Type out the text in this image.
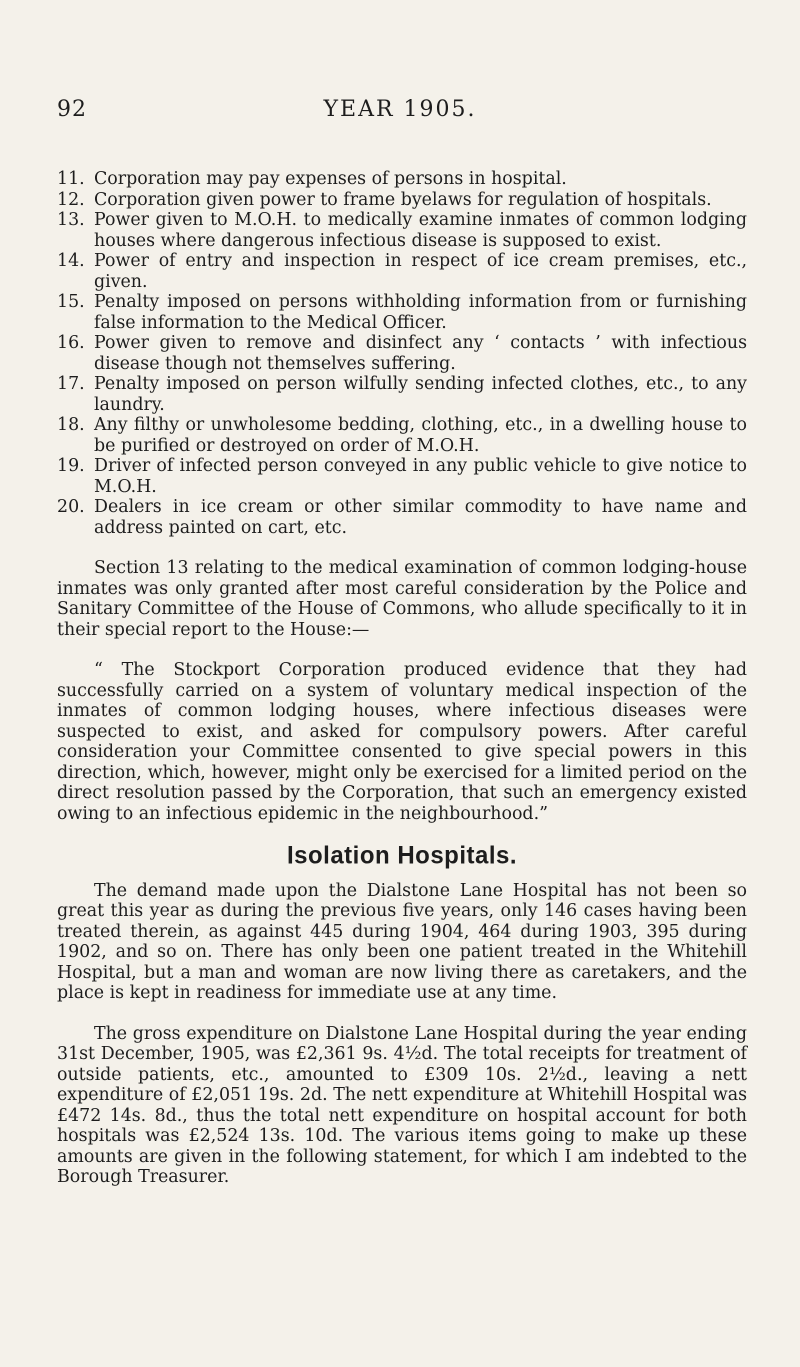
92	YEAR 1905.
11. Corporation may pay expenses of persons in hospital.
12. Corporation given power to frame byelaws for regulation of hospitals.
13. Power given to M.O.H. to medically examine inmates of common lodging houses where dangerous infectious disease is supposed to exist.
14. Power of entry and inspection in respect of ice cream premises, etc., given.
15. Penalty imposed on persons withholding information from or furnishing false information to the Medical Officer.
16. Power given to remove and disinfect any ‘ contacts ’ with infectious disease though not themselves suffering.
17. Penalty imposed on person wilfully sending infected clothes, etc., to any laundry.
18. Any filthy or unwholesome bedding, clothing, etc., in a dwelling house to be purified or destroyed on order of M.O.H.
19. Driver of infected person conveyed in any public vehicle to give notice to M.O.H.
20. Dealers in ice cream or other similar commodity to have name and address painted on cart, etc.

Section 13 relating to the medical examination of common lodging-house inmates was only granted after most careful consideration by the Police and Sanitary Committee of the House of Commons, who allude specifically to it in their special report to the House:—

“ The Stockport Corporation produced evidence that they had successfully carried on a system of voluntary medical inspection of the inmates of common lodging houses, where infectious diseases were suspected to exist, and asked for compulsory powers. After careful consideration your Committee consented to give special powers in this direction, which, however, might only be exercised for a limited period on the direct resolution passed by the Corporation, that such an emergency existed owing to an infectious epidemic in the neighbourhood.”

Isolation Hospitals.

The demand made upon the Dialstone Lane Hospital has not been so great this year as during the previous five years, only 146 cases having been treated therein, as against 445 during 1904, 464 during 1903, 395 during 1902, and so on. There has only been one patient treated in the Whitehill Hospital, but a man and woman are now living there as caretakers, and the place is kept in readiness for immediate use at any time.

The gross expenditure on Dialstone Lane Hospital during the year ending 31st December, 1905, was £2,361 9s. 4½d. The total receipts for treatment of outside patients, etc., amounted to £309 10s. 2½d., leaving a nett expenditure of £2,051 19s. 2d. The nett expenditure at Whitehill Hospital was £472 14s. 8d., thus the total nett expenditure on hospital account for both hospitals was £2,524 13s. 10d. The various items going to make up these amounts are given in the following statement, for which I am indebted to the Borough Treasurer.
